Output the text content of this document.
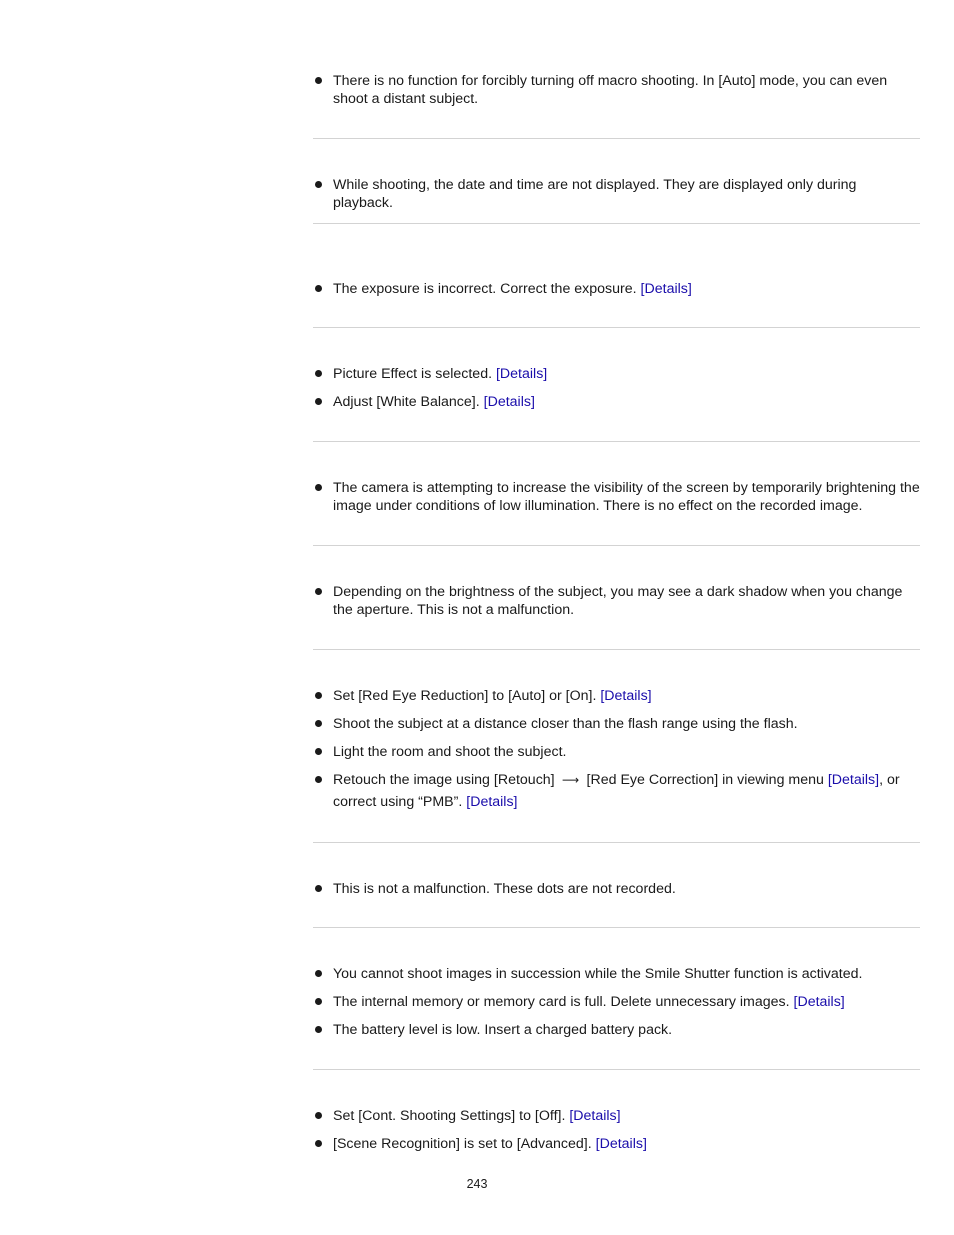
There is no function for forcibly turning off macro shooting. In [Auto] mode, you can even shoot a distant subject.
While shooting, the date and time are not displayed. They are displayed only during playback.
The exposure is incorrect. Correct the exposure. [Details]
Picture Effect is selected. [Details]
Adjust [White Balance]. [Details]
The camera is attempting to increase the visibility of the screen by temporarily brightening the image under conditions of low illumination. There is no effect on the recorded image.
Depending on the brightness of the subject, you may see a dark shadow when you change the aperture. This is not a malfunction.
Set [Red Eye Reduction] to [Auto] or [On]. [Details]
Shoot the subject at a distance closer than the flash range using the flash.
Light the room and shoot the subject.
Retouch the image using [Retouch] ⟶ [Red Eye Correction] in viewing menu [Details], or correct using “PMB”. [Details]
This is not a malfunction. These dots are not recorded.
You cannot shoot images in succession while the Smile Shutter function is activated.
The internal memory or memory card is full. Delete unnecessary images. [Details]
The battery level is low. Insert a charged battery pack.
Set [Cont. Shooting Settings] to [Off]. [Details]
[Scene Recognition] is set to [Advanced]. [Details]
243
